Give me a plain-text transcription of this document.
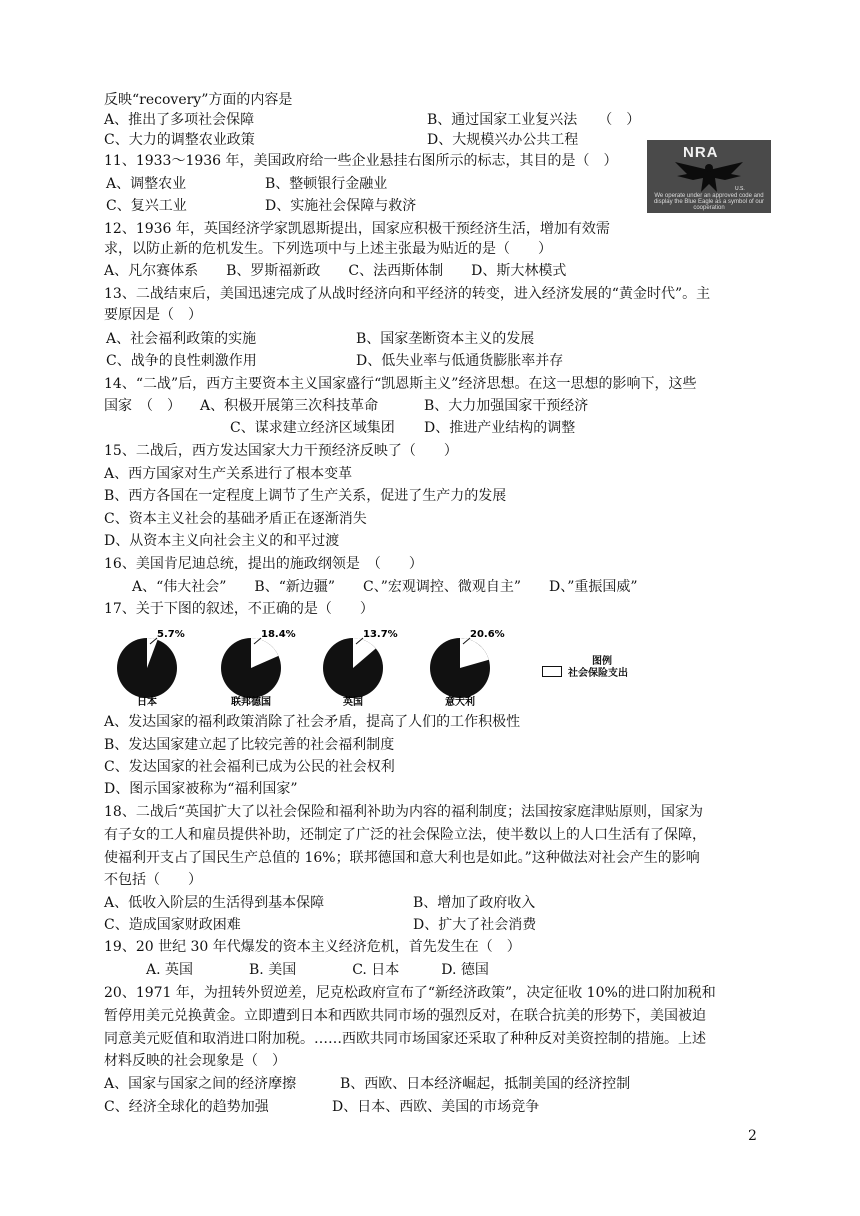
反映“recovery”方面的内容是
A、推出了多项社会保障	B、通过国家工业复兴法　　（　）
C、大力的调整农业政策	D、大规模兴办公共工程
11、1933～1936 年，美国政府给一些企业悬挂右图所示的标志，其目的是（　）
A、调整农业	B、整顿银行金融业
C、复兴工业	D、实施社会保障与救济
NRA
U.S.
We operate under an approved code and display the Blue Eagle as a symbol of our cooperation
12、1936 年，英国经济学家凯恩斯提出，国家应积极干预经济生活，增加有效需
求，以防止新的危机发生。下列选项中与上述主张最为贴近的是（　　）
A、凡尔赛体系　　B、罗斯福新政　　C、法西斯体制　　D、斯大林模式
13、二战结束后，美国迅速完成了从战时经济向和平经济的转变，进入经济发展的“黄金时代”。主
要原因是（　）
A、社会福利政策的实施	B、国家垄断资本主义的发展
C、战争的良性刺激作用	D、低失业率与低通货膨胀率并存
14、“二战”后，西方主要资本主义国家盛行“凯恩斯主义”经济思想。在这一思想的影响下，这些
国家　（　） A、积极开展第三次科技革命	B、大力加强国家干预经济
C、谋求建立经济区域集团 D、推进产业结构的调整
15、二战后，西方发达国家大力干预经济反映了（　　）
A、西方国家对生产关系进行了根本变革
B、西方各国在一定程度上调节了生产关系，促进了生产力的发展
C、资本主义社会的基础矛盾正在逐渐消失
D、从资本主义向社会主义的和平过渡
16、美国肯尼迪总统，提出的施政纲领是　（　　）
A、“伟大社会”　　B、“新边疆”　　C、”宏观调控、微观自主”　　D、”重振国威”
17、关于下图的叙述，不正确的是（　　）
5.7%
日本
18.4%
联邦德国
13.7%
英国
20.6%
意大利
图例
社会保险支出
A、发达国家的福利政策消除了社会矛盾，提高了人们的工作积极性
B、发达国家建立起了比较完善的社会福利制度
C、发达国家的社会福利已成为公民的社会权利
D、图示国家被称为“福利国家”
18、二战后“英国扩大了以社会保险和福利补助为内容的福利制度；法国按家庭津贴原则，国家为
有子女的工人和雇员提供补助，还制定了广泛的社会保险立法，使半数以上的人口生活有了保障，
使福利开支占了国民生产总值的 16%；联邦德国和意大利也是如此。”这种做法对社会产生的影响
不包括（　　）
A、低收入阶层的生活得到基本保障	B、增加了政府收入
C、造成国家财政困难	D、扩大了社会消费
19、20 世纪 30 年代爆发的资本主义经济危机，首先发生在（　）
A. 英国　　　　B. 美国　　　　C. 日本　　　D. 德国
20、1971 年，为扭转外贸逆差，尼克松政府宣布了“新经济政策”，决定征收 10%的进口附加税和
暂停用美元兑换黄金。立即遭到日本和西欧共同市场的强烈反对，在联合抗美的形势下，美国被迫
同意美元贬值和取消进口附加税。……西欧共同市场国家还采取了种种反对美资控制的措施。上述
材料反映的社会现象是（　）
A、国家与国家之间的经济摩擦	B、西欧、日本经济崛起，抵制美国的经济控制
C、经济全球化的趋势加强	D、日本、西欧、美国的市场竞争
2
